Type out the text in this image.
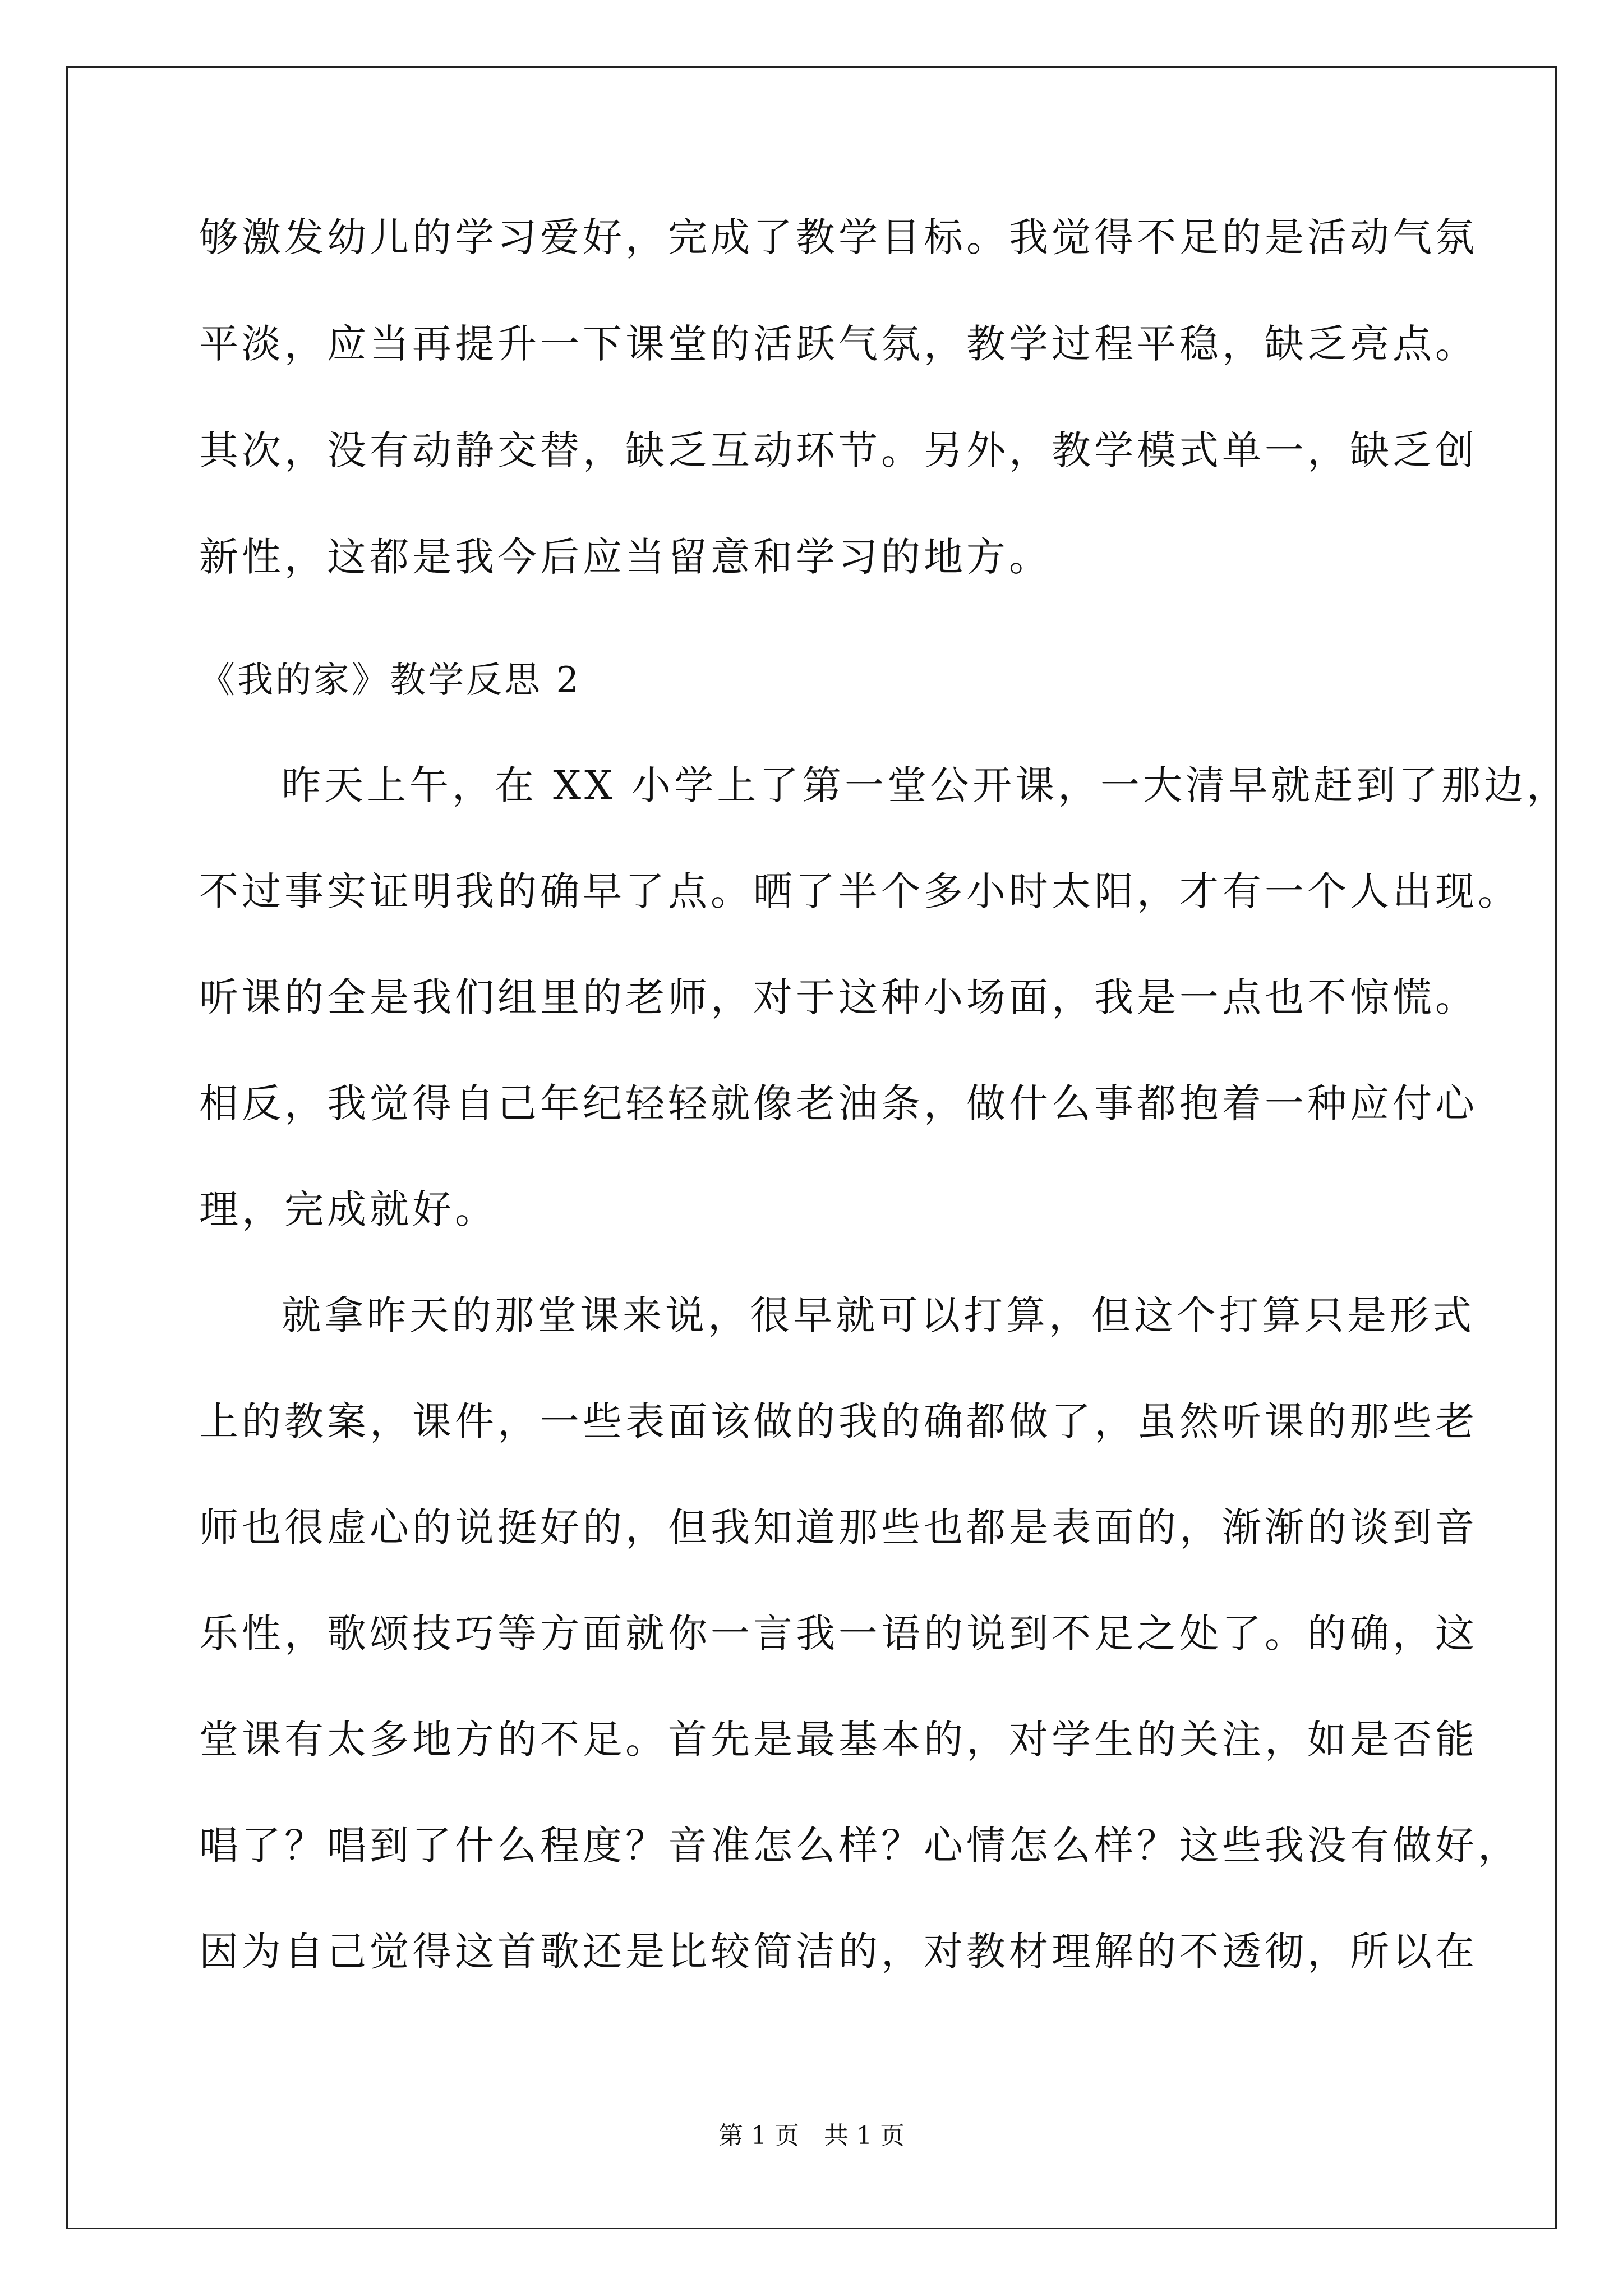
够激发幼儿的学习爱好，完成了教学目标。我觉得不足的是活动气氛
平淡，应当再提升一下课堂的活跃气氛，教学过程平稳，缺乏亮点。
其次，没有动静交替，缺乏互动环节。另外，教学模式单一，缺乏创
新性，这都是我今后应当留意和学习的地方。
《我的家》教学反思 2
昨天上午，在 XX 小学上了第一堂公开课，一大清早就赶到了那边，
不过事实证明我的确早了点。晒了半个多小时太阳，才有一个人出现。
听课的全是我们组里的老师，对于这种小场面，我是一点也不惊慌。
相反，我觉得自己年纪轻轻就像老油条，做什么事都抱着一种应付心
理，完成就好。
就拿昨天的那堂课来说，很早就可以打算，但这个打算只是形式
上的教案，课件，一些表面该做的我的确都做了，虽然听课的那些老
师也很虚心的说挺好的，但我知道那些也都是表面的，渐渐的谈到音
乐性，歌颂技巧等方面就你一言我一语的说到不足之处了。的确，这
堂课有太多地方的不足。首先是最基本的，对学生的关注，如是否能
唱了？唱到了什么程度？音准怎么样？心情怎么样？这些我没有做好，
因为自己觉得这首歌还是比较简洁的，对教材理解的不透彻，所以在
第 1 页 共 1 页
